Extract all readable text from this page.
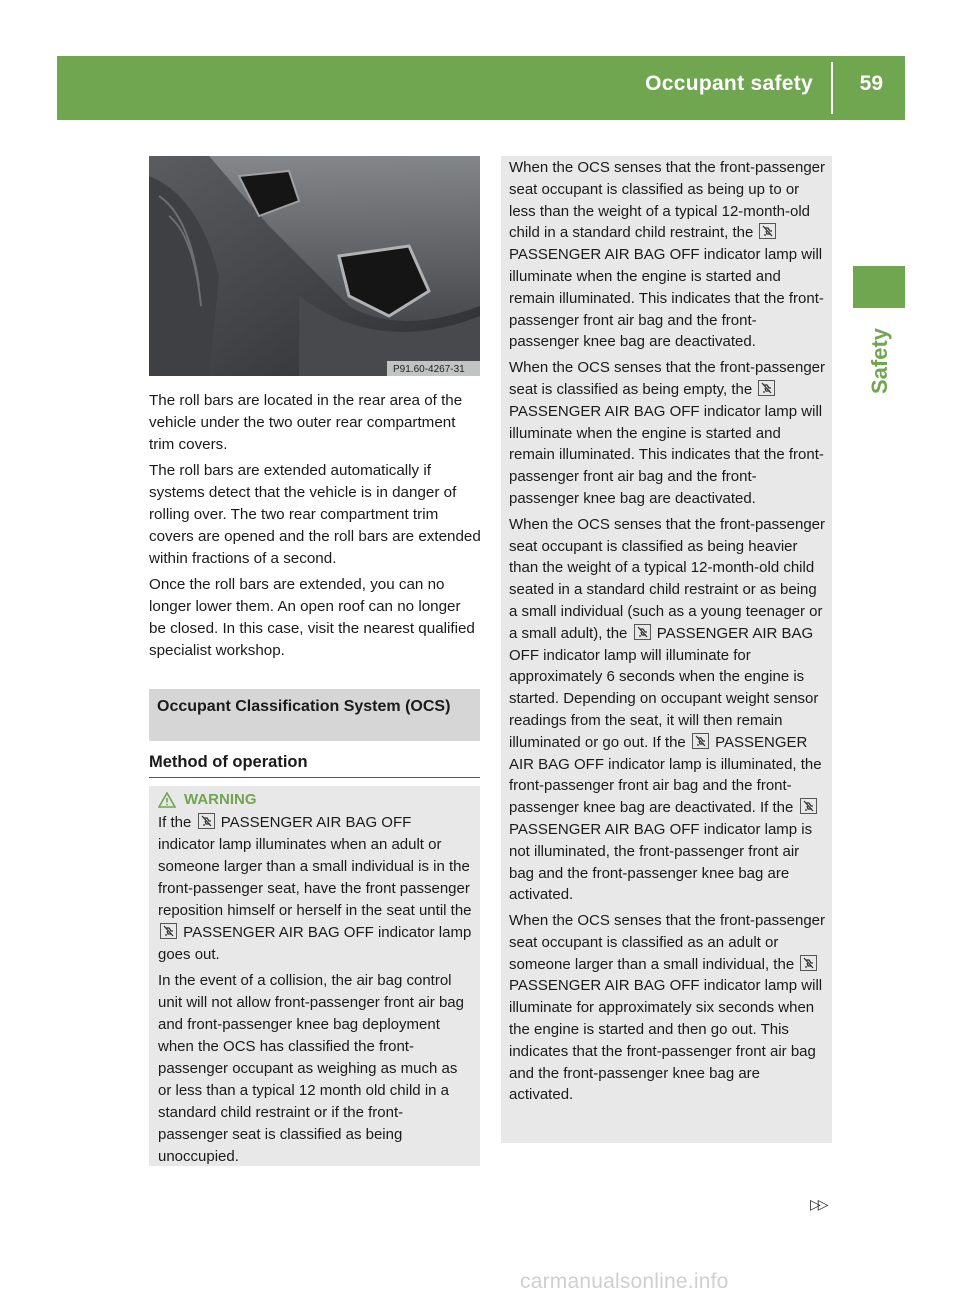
Occupant safety 59
Safety
P91.60-4267-31

The roll bars are located in the rear area of the vehicle under the two outer rear compartment trim covers.

The roll bars are extended automatically if systems detect that the vehicle is in danger of rolling over. The two rear compartment trim covers are opened and the roll bars are extended within fractions of a second.

Once the roll bars are extended, you can no longer lower them. An open roof can no longer be closed. In this case, visit the nearest qualified specialist workshop.

Occupant Classification System (OCS)
Method of operation
WARNING

If the PASSENGER AIR BAG OFF indicator lamp illuminates when an adult or someone larger than a small individual is in the front-passenger seat, have the front passenger reposition himself or herself in the seat until the
PASSENGER AIR BAG OFF indicator lamp goes out.

In the event of a collision, the air bag control unit will not allow front-passenger front air bag and front-passenger knee bag deployment when the OCS has classified the front-passenger occupant as weighing as much as or less than a typical 12 month old child in a standard child restraint or if the front-passenger seat is classified as being unoccupied.

When the OCS senses that the front-passenger seat occupant is classified as being up to or less than the weight of a typical 12-month-old child in a standard child restraint, the
PASSENGER AIR BAG OFF indicator lamp will illuminate when the engine is started and remain illuminated. This indicates that the front-passenger front air bag and the front-passenger knee bag are deactivated.

When the OCS senses that the front-passenger seat is classified as being empty, the
PASSENGER AIR BAG OFF indicator lamp will illuminate when the engine is started and remain illuminated. This indicates that the front-passenger front air bag and the front-passenger knee bag are deactivated.

When the OCS senses that the front-passenger seat occupant is classified as being heavier than the weight of a typical 12-month-old child seated in a standard child restraint or as being a small individual (such as a young teenager or a small adult), the PASSENGER AIR BAG OFF indicator lamp will illuminate for approximately 6 seconds when the engine is started. Depending on occupant weight sensor readings from the seat, it will then remain illuminated or go out. If the PASSENGER AIR BAG OFF indicator lamp is illuminated, the front-passenger front air bag and the front-passenger knee bag are deactivated. If the
PASSENGER AIR BAG OFF indicator lamp is not illuminated, the front-passenger front air bag and the front-passenger knee bag are activated.

When the OCS senses that the front-passenger seat occupant is classified as an adult or someone larger than a small individual, the
PASSENGER AIR BAG OFF indicator lamp will illuminate for approximately six seconds when the engine is started and then go out. This indicates that the front-passenger front air bag and the front-passenger knee bag are activated.

▷▷
carmanualsonline.info
